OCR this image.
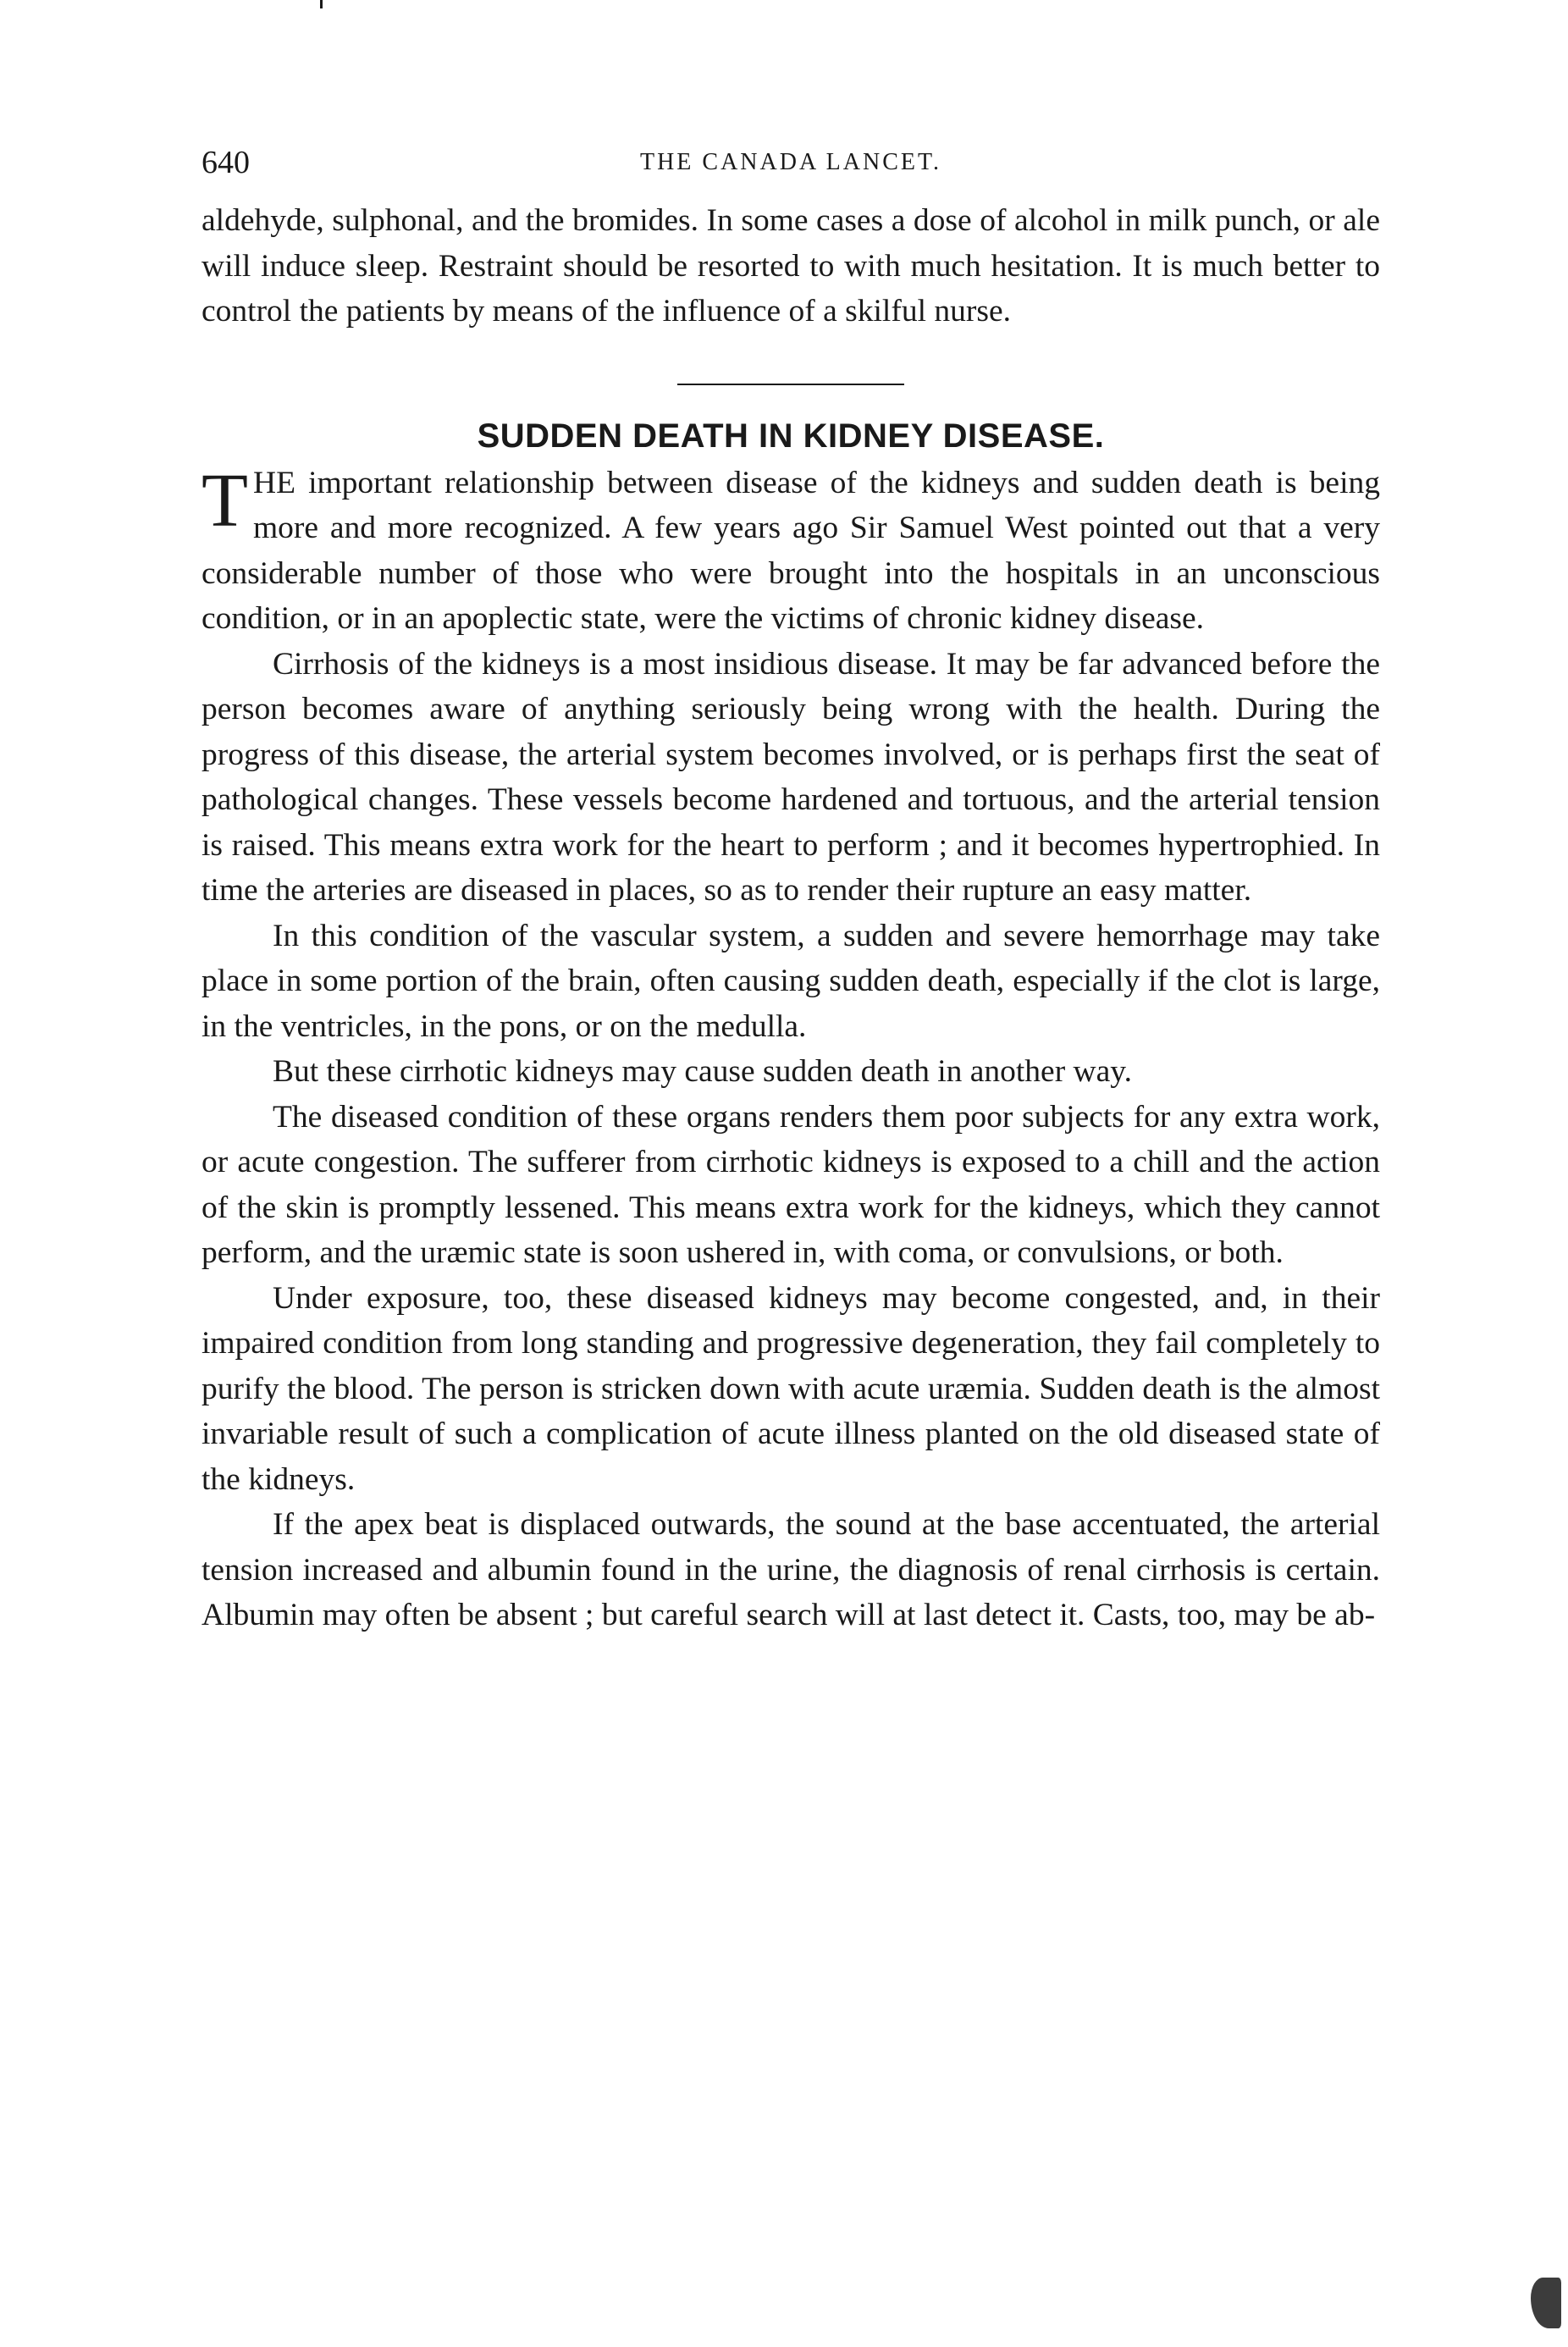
640	THE CANADA LANCET.

aldehyde, sulphonal, and the bromides. In some cases a dose of alcohol in milk punch, or ale will induce sleep. Restraint should be resorted to with much hesitation. It is much better to control the patients by means of the influence of a skilful nurse.

SUDDEN DEATH IN KIDNEY DISEASE.

THE important relationship between disease of the kidneys and sudden death is being more and more recognized. A few years ago Sir Samuel West pointed out that a very considerable number of those who were brought into the hospitals in an unconscious condition, or in an apoplectic state, were the victims of chronic kidney disease.

Cirrhosis of the kidneys is a most insidious disease. It may be far advanced before the person becomes aware of anything seriously being wrong with the health. During the progress of this disease, the arterial system becomes involved, or is perhaps first the seat of pathological changes. These vessels become hardened and tortuous, and the arterial tension is raised. This means extra work for the heart to perform ; and it becomes hypertrophied. In time the arteries are diseased in places, so as to render their rupture an easy matter.

In this condition of the vascular system, a sudden and severe hemorrhage may take place in some portion of the brain, often causing sudden death, especially if the clot is large, in the ventricles, in the pons, or on the medulla.

But these cirrhotic kidneys may cause sudden death in another way.

The diseased condition of these organs renders them poor subjects for any extra work, or acute congestion. The sufferer from cirrhotic kidneys is exposed to a chill and the action of the skin is promptly lessened. This means extra work for the kidneys, which they cannot perform, and the uræmic state is soon ushered in, with coma, or convulsions, or both.

Under exposure, too, these diseased kidneys may become congested, and, in their impaired condition from long standing and progressive degeneration, they fail completely to purify the blood. The person is stricken down with acute uræmia. Sudden death is the almost invariable result of such a complication of acute illness planted on the old diseased state of the kidneys.

If the apex beat is displaced outwards, the sound at the base accentuated, the arterial tension increased and albumin found in the urine, the diagnosis of renal cirrhosis is certain. Albumin may often be absent ; but careful search will at last detect it. Casts, too, may be ab-
